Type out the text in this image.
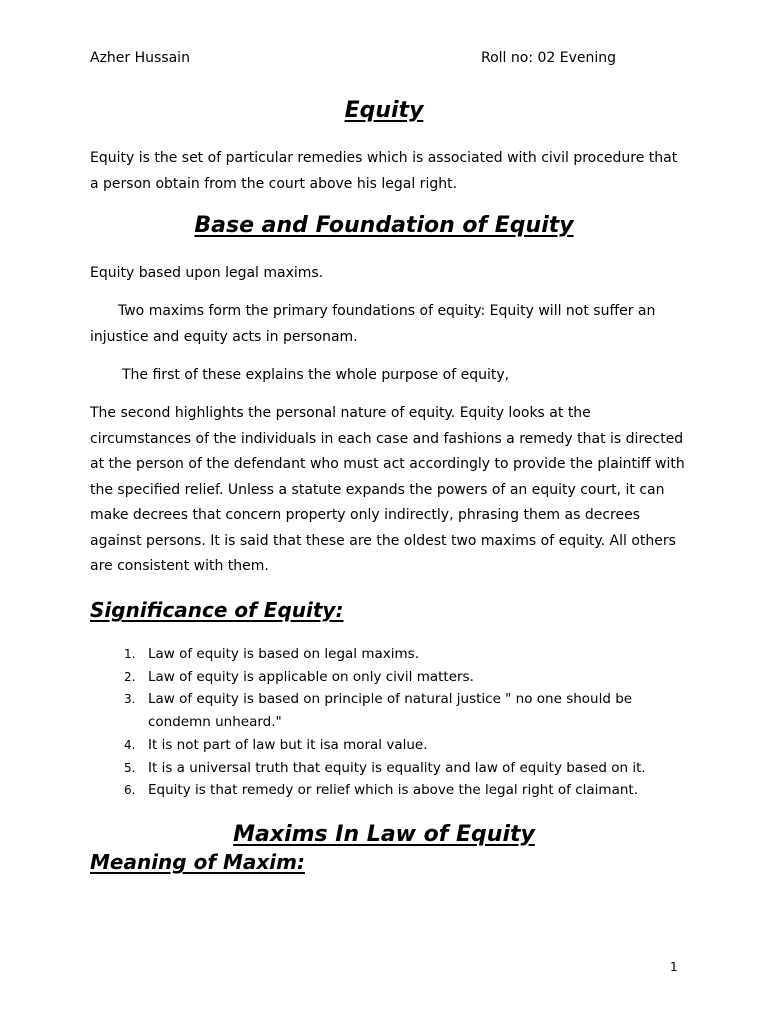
Azher Hussain	Roll no: 02 Evening
Equity

Equity is the set of particular remedies which is associated with civil procedure that a person obtain from the court above his legal right.

Base and Foundation of Equity

Equity based upon legal maxims.

Two maxims form the primary foundations of equity: Equity will not suffer an injustice and equity acts in personam.

The first of these explains the whole purpose of equity,

The second highlights the personal nature of equity. Equity looks at the circumstances of the individuals in each case and fashions a remedy that is directed at the person of the defendant who must act accordingly to provide the plaintiff with the specified relief. Unless a statute expands the powers of an equity court, it can make decrees that concern property only indirectly, phrasing them as decrees against persons. It is said that these are the oldest two maxims of equity. All others are consistent with them.

Significance of Equity:
1. Law of equity is based on legal maxims.
2. Law of equity is applicable on only civil matters.
3. Law of equity is based on principle of natural justice " no one should be condemn unheard."
4. It is not part of law but it isa moral value.
5. It is a universal truth that equity is equality and law of equity based on it.
6. Equity is that remedy or relief which is above the legal right of claimant.
Maxims In Law of Equity
Meaning of Maxim:
1
